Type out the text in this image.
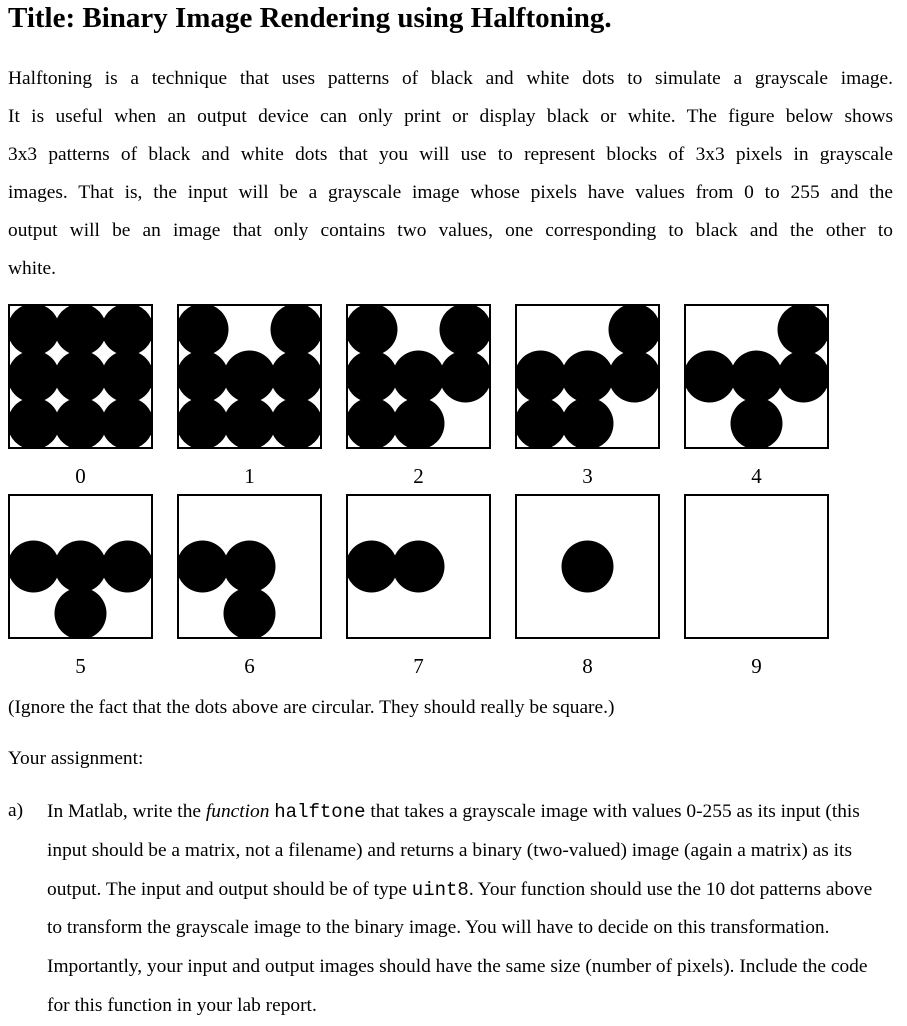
Title: Binary Image Rendering using Halftoning.
Halftoning is a technique that uses patterns of black and white dots to simulate a grayscale image.
It is useful when an output device can only print or display black or white. The figure below shows
3x3 patterns of black and white dots that you will use to represent blocks of 3x3 pixels in grayscale
images. That is, the input will be a grayscale image whose pixels have values from 0 to 255 and the
output will be an image that only contains two values, one corresponding to black and the other to
white.
0	1	2	3	4
5	6	7	8	9
(Ignore the fact that the dots above are circular. They should really be square.)
Your assignment:
a) In Matlab, write the function halftone that takes a grayscale image with values 0-255 as its input (this input should be a matrix, not a filename) and returns a binary (two-valued) image (again a matrix) as its output. The input and output should be of type uint8. Your function should use the 10 dot patterns above to transform the grayscale image to the binary image. You will have to decide on this transformation. Importantly, your input and output images should have the same size (number of pixels). Include the code for this function in your lab report.
